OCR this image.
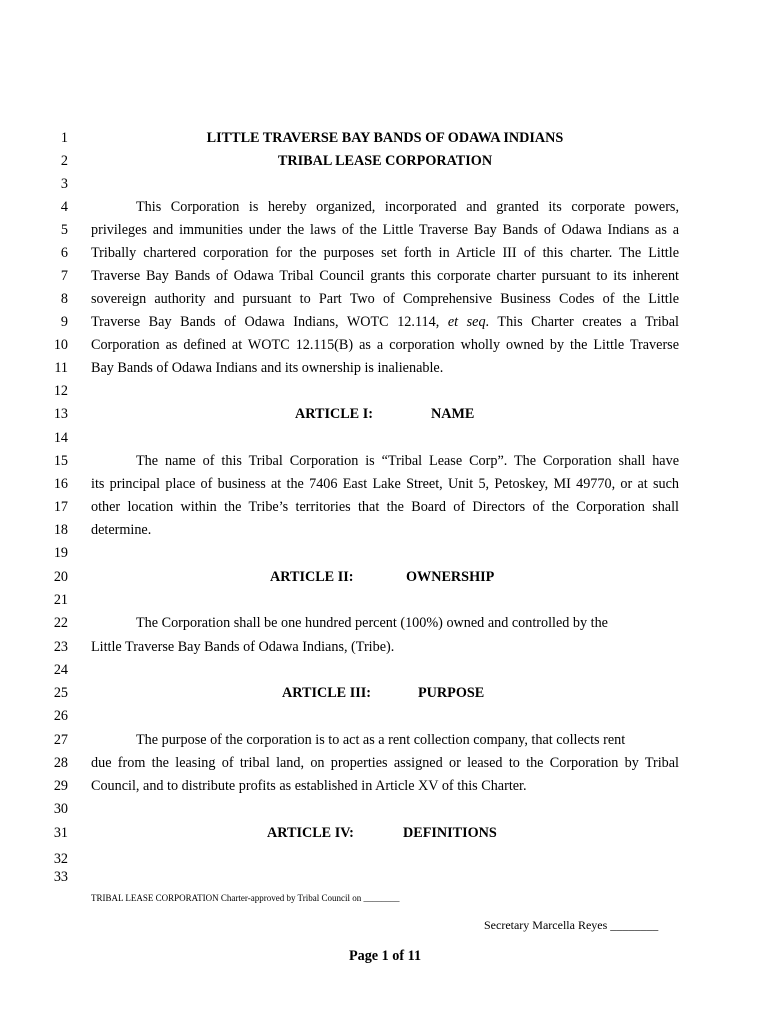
1
2
3
4
5
6
7
8
9
10
11
12
13
14
15
16
17
18
19
20
21
22
23
24
25
26
27
28
29
30
31
32
33
LITTLE TRAVERSE BAY BANDS OF ODAWA INDIANS
TRIBAL LEASE CORPORATION
This Corporation is hereby organized, incorporated and granted its corporate powers,
privileges and immunities under the laws of the Little Traverse Bay Bands of Odawa Indians as a
Tribally chartered corporation for the purposes set forth in Article III of this charter. The Little
Traverse Bay Bands of Odawa Tribal Council grants this corporate charter pursuant to its inherent
sovereign authority and pursuant to Part Two of Comprehensive Business Codes of the Little
Traverse Bay Bands of Odawa Indians, WOTC 12.114, et seq. This Charter creates a Tribal
Corporation as defined at WOTC 12.115(B) as a corporation wholly owned by the Little Traverse
Bay Bands of Odawa Indians and its ownership is inalienable.
ARTICLE I:	NAME
The name of this Tribal Corporation is “Tribal Lease Corp”. The Corporation shall have
its principal place of business at the 7406 East Lake Street, Unit 5, Petoskey, MI 49770, or at such
other location within the Tribe’s territories that the Board of Directors of the Corporation shall
determine.
ARTICLE II:	OWNERSHIP
The Corporation shall be one hundred percent (100%) owned and controlled by the
Little Traverse Bay Bands of Odawa Indians, (Tribe).
ARTICLE III:	PURPOSE
The purpose of the corporation is to act as a rent collection company, that collects rent
due from the leasing of tribal land, on properties assigned or leased to the Corporation by Tribal
Council, and to distribute profits as established in Article XV of this Charter.
ARTICLE IV:	DEFINITIONS
TRIBAL LEASE CORPORATION Charter-approved by Tribal Council on ________
Secretary Marcella Reyes ________
Page 1 of 11
